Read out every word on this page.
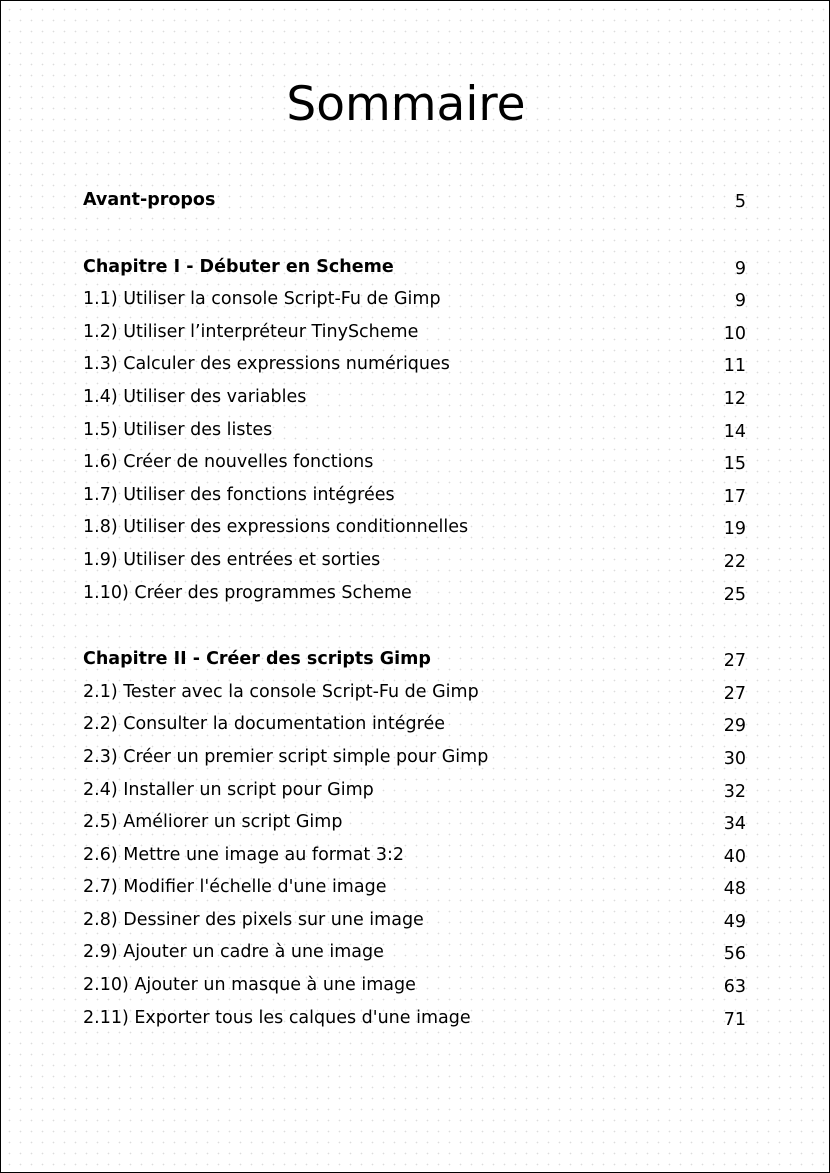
Sommaire
Avant-propos	5
Chapitre I - Débuter en Scheme	9
1.1) Utiliser la console Script-Fu de Gimp	9
1.2) Utiliser l’interpréteur TinyScheme	10
1.3) Calculer des expressions numériques	11
1.4) Utiliser des variables	12
1.5) Utiliser des listes	14
1.6) Créer de nouvelles fonctions	15
1.7) Utiliser des fonctions intégrées	17
1.8) Utiliser des expressions conditionnelles	19
1.9) Utiliser des entrées et sorties	22
1.10) Créer des programmes Scheme	25
Chapitre II - Créer des scripts Gimp	27
2.1) Tester avec la console Script-Fu de Gimp	27
2.2) Consulter la documentation intégrée	29
2.3) Créer un premier script simple pour Gimp	30
2.4) Installer un script pour Gimp	32
2.5) Améliorer un script Gimp	34
2.6) Mettre une image au format 3:2	40
2.7) Modifier l'échelle d'une image	48
2.8) Dessiner des pixels sur une image	49
2.9) Ajouter un cadre à une image	56
2.10) Ajouter un masque à une image	63
2.11) Exporter tous les calques d'une image	71
